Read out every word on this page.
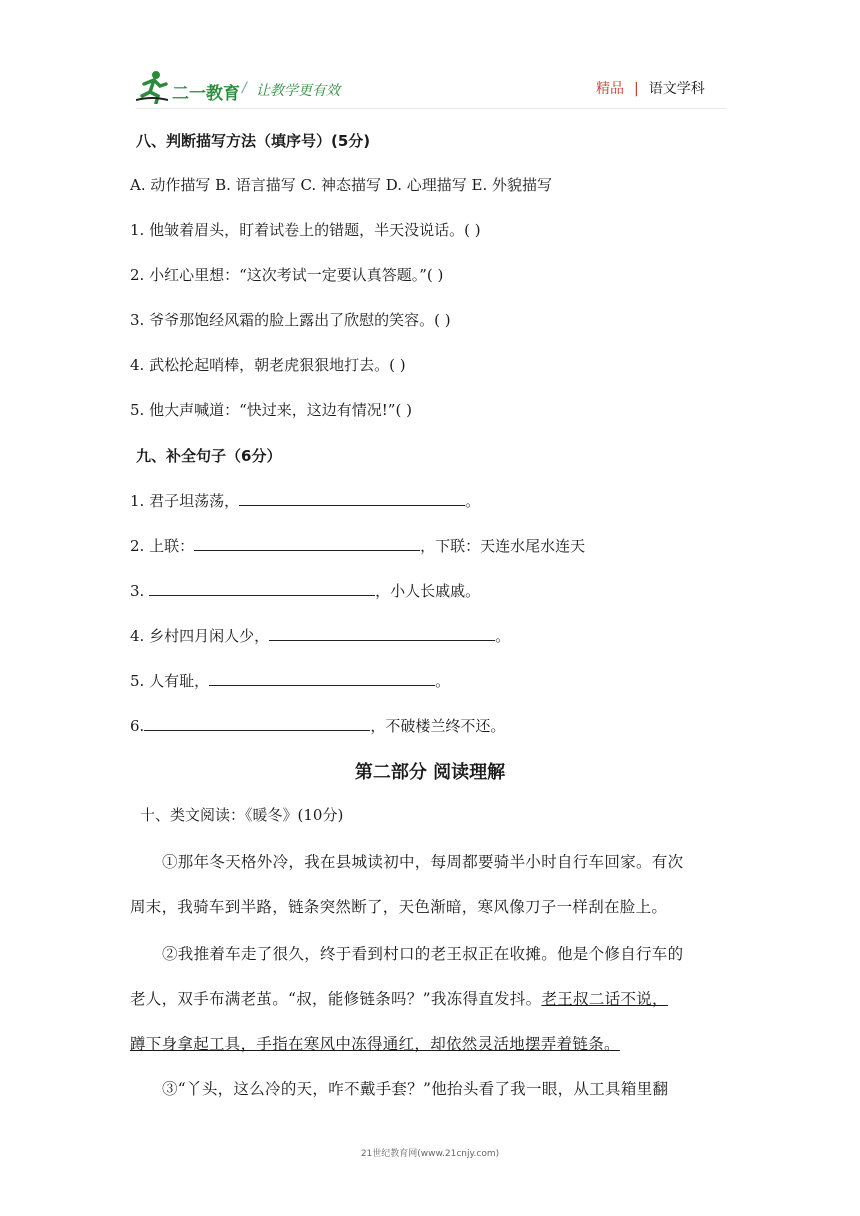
二一教育 / 让教学更有效	精品 | 语文学科
八、判断描写方法（填序号）(5分)
A. 动作描写 B. 语言描写 C. 神态描写 D. 心理描写 E. 外貌描写
1. 他皱着眉头，盯着试卷上的错题，半天没说话。( )
2. 小红心里想：“这次考试一定要认真答题。”( )
3. 爷爷那饱经风霜的脸上露出了欣慰的笑容。( )
4. 武松抡起哨棒，朝老虎狠狠地打去。( )
5. 他大声喊道：“快过来，这边有情况!”( )
九、补全句子（6分）
1. 君子坦荡荡，	。
2. 上联：	，下联：天连水尾水连天
3.	，小人长戚戚。
4. 乡村四月闲人少，	。
5. 人有耻，	。
6.	，不破楼兰终不还。
第二部分 阅读理解
十、类文阅读：《暖冬》(10分)
①那年冬天格外冷，我在县城读初中，每周都要骑半小时自行车回家。有次
周末，我骑车到半路，链条突然断了，天色渐暗，寒风像刀子一样刮在脸上。
②我推着车走了很久，终于看到村口的老王叔正在收摊。他是个修自行车的
老人，双手布满老茧。“叔，能修链条吗？”我冻得直发抖。老王叔二话不说，
蹲下身拿起工具，手指在寒风中冻得通红，却依然灵活地摆弄着链条。
③“丫头，这么冷的天，咋不戴手套？”他抬头看了我一眼，从工具箱里翻
21世纪教育网(www.21cnjy.com)
